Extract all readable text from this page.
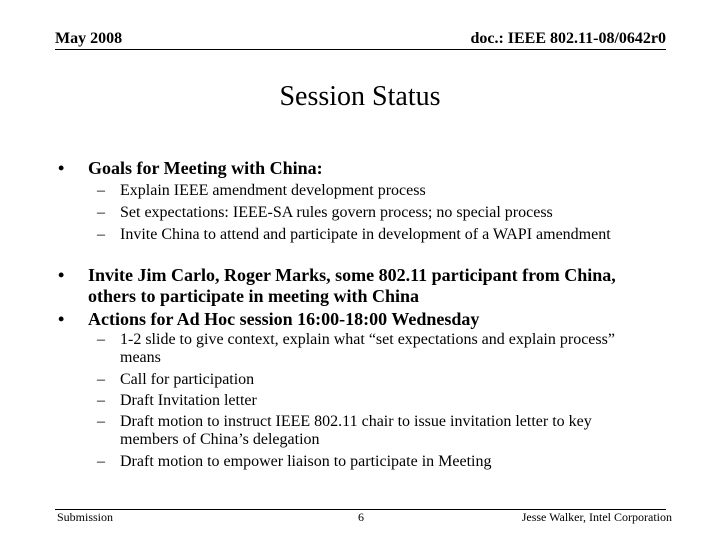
May 2008	doc.: IEEE 802.11-08/0642r0
Session Status
• Goals for Meeting with China:
– Explain IEEE amendment development process
– Set expectations: IEEE-SA rules govern process; no special process
– Invite China to attend and participate in development of a WAPI amendment
• Invite Jim Carlo, Roger Marks, some 802.11 participant from China, others to participate in meeting with China
• Actions for Ad Hoc session 16:00-18:00 Wednesday
– 1-2 slide to give context, explain what “set expectations and explain process” means
– Call for participation
– Draft Invitation letter
– Draft motion to instruct IEEE 802.11 chair to issue invitation letter to key members of China’s delegation
– Draft motion to empower liaison to participate in Meeting
Submission	6	Jesse Walker, Intel Corporation
